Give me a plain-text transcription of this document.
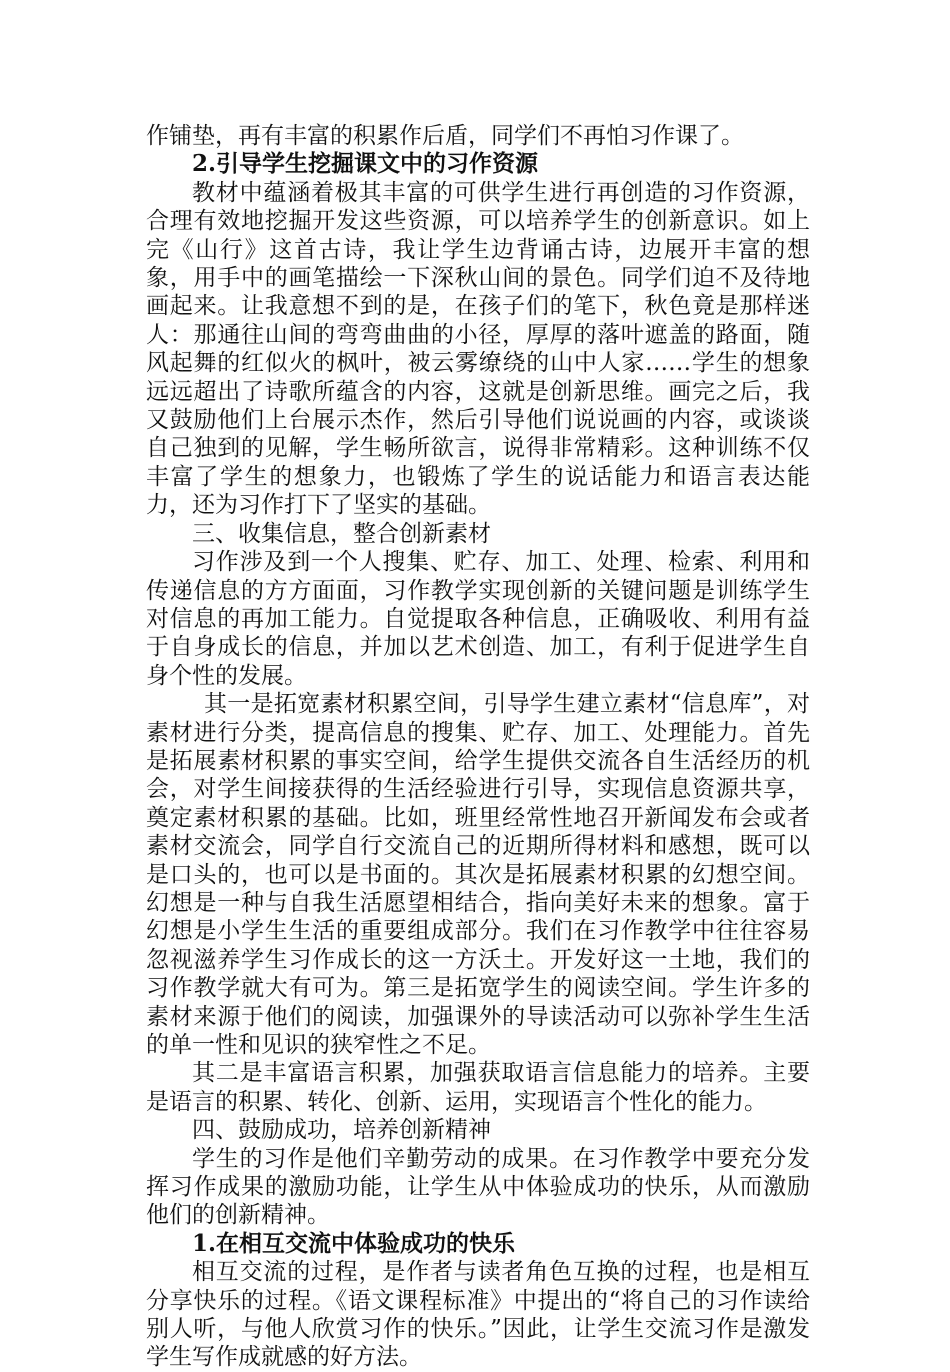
作铺垫，再有丰富的积累作后盾，同学们不再怕习作课了。

2.引导学生挖掘课文中的习作资源

教材中蕴涵着极其丰富的可供学生进行再创造的习作资源，合理有效地挖掘开发这些资源，可以培养学生的创新意识。如上完《山行》这首古诗，我让学生边背诵古诗，边展开丰富的想象，用手中的画笔描绘一下深秋山间的景色。同学们迫不及待地画起来。让我意想不到的是，在孩子们的笔下，秋色竟是那样迷人：那通往山间的弯弯曲曲的小径，厚厚的落叶遮盖的路面，随风起舞的红似火的枫叶，被云雾缭绕的山中人家……学生的想象远远超出了诗歌所蕴含的内容，这就是创新思维。画完之后，我又鼓励他们上台展示杰作，然后引导他们说说画的内容，或谈谈自己独到的见解，学生畅所欲言，说得非常精彩。这种训练不仅丰富了学生的想象力，也锻炼了学生的说话能力和语言表达能力，还为习作打下了坚实的基础。

三、收集信息，整合创新素材

习作涉及到一个人搜集、贮存、加工、处理、检索、利用和传递信息的方方面面，习作教学实现创新的关键问题是训练学生对信息的再加工能力。自觉提取各种信息，正确吸收、利用有益于自身成长的信息，并加以艺术创造、加工，有利于促进学生自身个性的发展。

其一是拓宽素材积累空间，引导学生建立素材“信息库”，对素材进行分类，提高信息的搜集、贮存、加工、处理能力。首先是拓展素材积累的事实空间，给学生提供交流各自生活经历的机会，对学生间接获得的生活经验进行引导，实现信息资源共享，奠定素材积累的基础。比如，班里经常性地召开新闻发布会或者素材交流会，同学自行交流自己的近期所得材料和感想，既可以是口头的，也可以是书面的。其次是拓展素材积累的幻想空间。幻想是一种与自我生活愿望相结合，指向美好未来的想象。富于幻想是小学生生活的重要组成部分。我们在习作教学中往往容易忽视滋养学生习作成长的这一方沃土。开发好这一土地，我们的习作教学就大有可为。第三是拓宽学生的阅读空间。学生许多的素材来源于他们的阅读，加强课外的导读活动可以弥补学生生活的单一性和见识的狭窄性之不足。

其二是丰富语言积累，加强获取语言信息能力的培养。主要是语言的积累、转化、创新、运用，实现语言个性化的能力。

四、鼓励成功，培养创新精神

学生的习作是他们辛勤劳动的成果。在习作教学中要充分发挥习作成果的激励功能，让学生从中体验成功的快乐，从而激励他们的创新精神。

1.在相互交流中体验成功的快乐

相互交流的过程，是作者与读者角色互换的过程，也是相互分享快乐的过程。《语文课程标准》中提出的“将自己的习作读给别人听，与他人欣赏习作的快乐。”因此，让学生交流习作是激发学生写作成就感的好方法。
